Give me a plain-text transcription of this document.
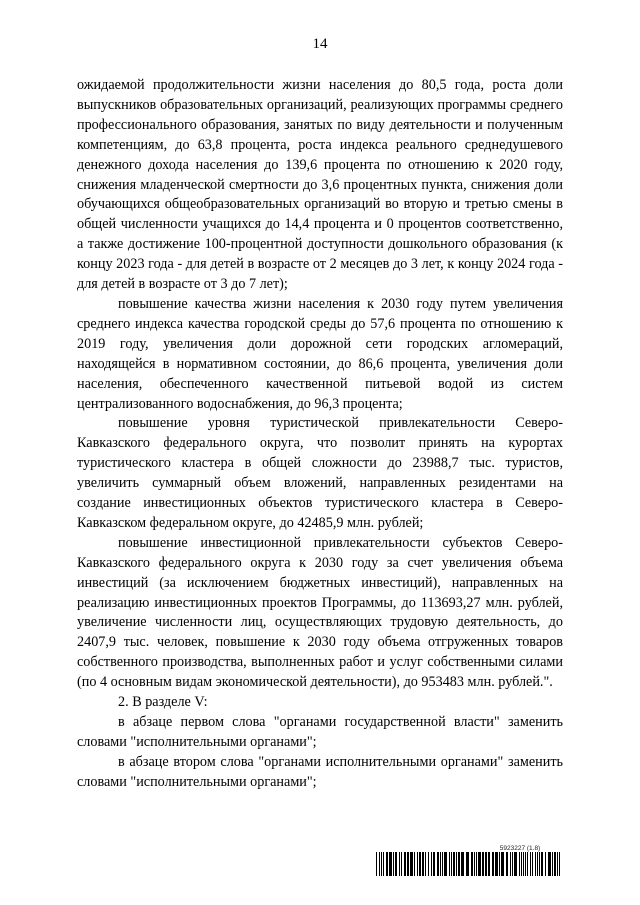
14

ожидаемой продолжительности жизни населения до 80,5 года, роста доли выпускников образовательных организаций, реализующих программы среднего профессионального образования, занятых по виду деятельности и полученным компетенциям, до 63,8 процента, роста индекса реального среднедушевого денежного дохода населения до 139,6 процента по отношению к 2020 году, снижения младенческой смертности до 3,6 процентных пункта, снижения доли обучающихся общеобразовательных организаций во вторую и третью смены в общей численности учащихся до 14,4 процента и 0 процентов соответственно, а также достижение 100-процентной доступности дошкольного образования (к концу 2023 года - для детей в возрасте от 2 месяцев до 3 лет, к концу 2024 года - для детей в возрасте от 3 до 7 лет);

повышение качества жизни населения к 2030 году путем увеличения среднего индекса качества городской среды до 57,6 процента по отношению к 2019 году, увеличения доли дорожной сети городских агломераций, находящейся в нормативном состоянии, до 86,6 процента, увеличения доли населения, обеспеченного качественной питьевой водой из систем централизованного водоснабжения, до 96,3 процента;

повышение уровня туристической привлекательности Северо-Кавказского федерального округа, что позволит принять на курортах туристического кластера в общей сложности до 23988,7 тыс. туристов, увеличить суммарный объем вложений, направленных резидентами на создание инвестиционных объектов туристического кластера в Северо-Кавказском федеральном округе, до 42485,9 млн. рублей;

повышение инвестиционной привлекательности субъектов Северо-Кавказского федерального округа к 2030 году за счет увеличения объема инвестиций (за исключением бюджетных инвестиций), направленных на реализацию инвестиционных проектов Программы, до 113693,27 млн. рублей, увеличение численности лиц, осуществляющих трудовую деятельность, до 2407,9 тыс. человек, повышение к 2030 году объема отгруженных товаров собственного производства, выполненных работ и услуг собственными силами (по 4 основным видам экономической деятельности), до 953483 млн. рублей.".

2. В разделе V:

в абзаце первом слова "органами государственной власти" заменить словами "исполнительными органами";

в абзаце втором слова "органами исполнительными органами" заменить словами "исполнительными органами";

5923227 (1.8)
